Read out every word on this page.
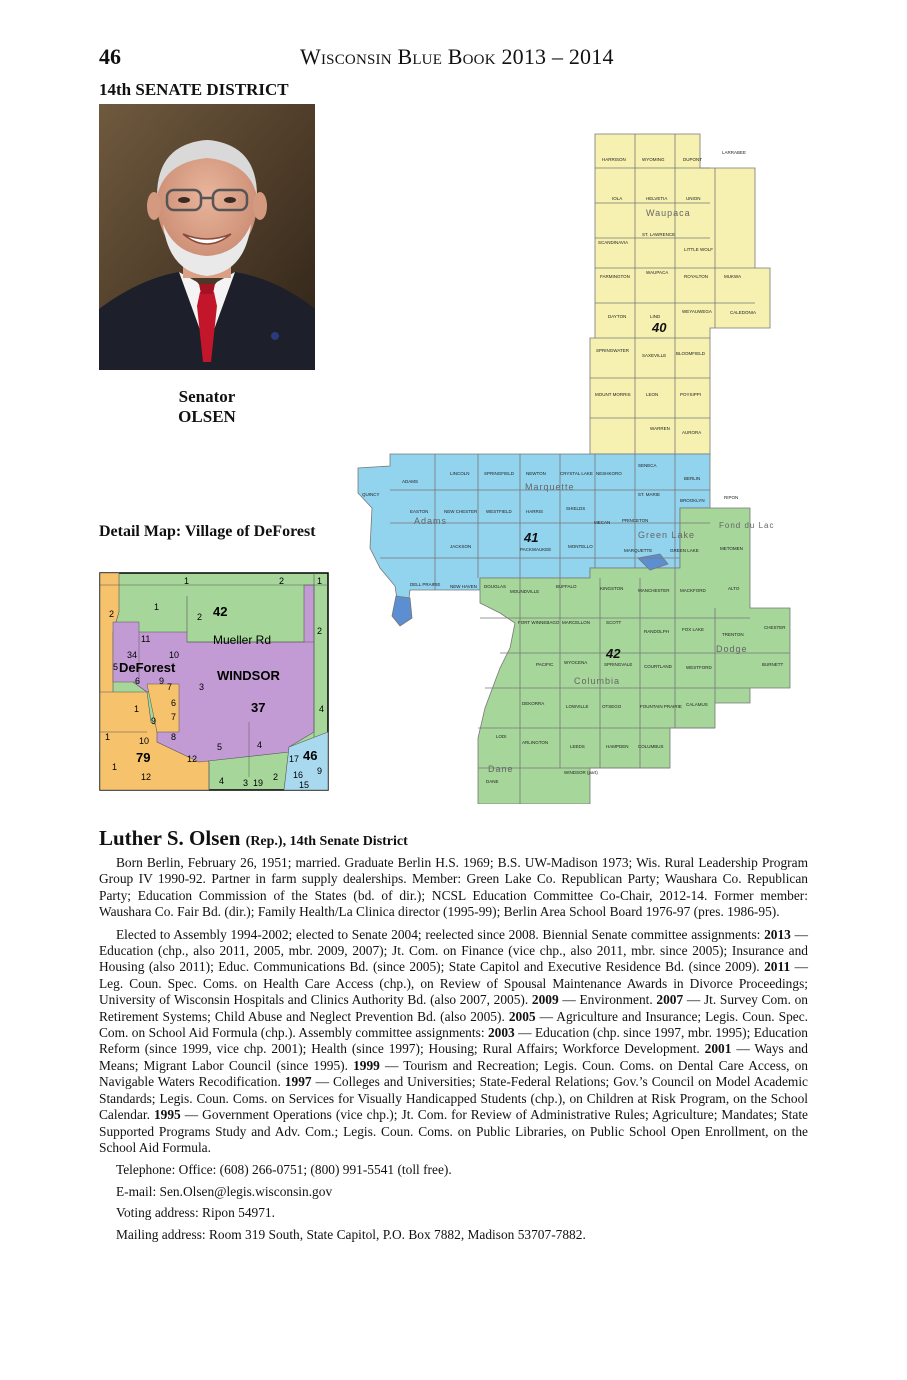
46	Wisconsin Blue Book 2013 – 2014
14th SENATE DISTRICT
Senator
OLSEN
Detail Map: Village of DeForest
42
Mueller Rd
DeForest
WINDSOR
37
79	46
1	2	1
2
1
2
2
11
34	10
5
6 9
7	3
1
6
7
9
4
1	8
10
5	4
12	17
1
12	16 9
4 3 19
2
15
Waupaca
Marquette
Adams
Green Lake
Fond du Lac
Columbia
Dodge
Dane
40
41
42
HARRISON	WYOMING	DUPONT
LARRABEE
IOLA	HELVETIA	UNION
SCANDINAVIA
ST. LAWRENCE
LITTLE WOLF
FARMINGTON
WAUPACA
ROYALTON	MUKWA
DAYTON	LIND
WEYAUWEGA	CALEDONIA
SPRINGWATER
SAXEVILLE BLOOMFIELD
MOUNT MORRIS	LEON	POYSIPPI
WARREN
AURORA
ADAMS
LINCOLN	SPRINGFIELD	NEWTON	CRYSTAL LAKE NESHKORO
SENECA
BERLIN
QUINCY
EASTON	NEW CHESTER WESTFIELD	HARRIS
SHIELDS
ST. MARIE
BROOKLYN
RIPON
PRINCETON
MECAN
JACKSON
PACKWAUKEE
MONTELLO
MARQUETTE	GREEN LAKE	METOMEN
DELL PRAIRIE NEW HAVEN DOUGLAS
MOUNDVILLE
BUFFALO	KINGSTON	MANCHESTER MACKFORD	ALTO
FORT WINNEBAGO MARCELLON	SCOTT
FOX LAKE
TRENTON
CHESTER
RANDOLPH
PACIFIC WYOCENA	SPRINGVALE	COURTLAND	WESTFORD
BURNETT
DEKORRA
LOWVILLE	OTSEGO	FOUNTAIN PRAIRIE CALAMUS
LODI
ARLINGTON
LEEDS	HAMPDEN COLUMBUS
DANE
WINDSOR (part)
Luther S. Olsen (Rep.), 14th Senate District

Born Berlin, February 26, 1951; married. Graduate Berlin H.S. 1969; B.S. UW-Madison 1973; Wis. Rural Leadership Program Group IV 1990-92. Partner in farm supply dealerships. Member: Green Lake Co. Republican Party; Waushara Co. Republican Party; Education Commission of the States (bd. of dir.); NCSL Education Committee Co-Chair, 2012-14. Former member: Waushara Co. Fair Bd. (dir.); Family Health/La Clinica director (1995-99); Berlin Area School Board 1976-97 (pres. 1986-95).

Elected to Assembly 1994-2002; elected to Senate 2004; reelected since 2008. Biennial Senate committee assignments: 2013 — Education (chp., also 2011, 2005, mbr. 2009, 2007); Jt. Com. on Finance (vice chp., also 2011, mbr. since 2005); Insurance and Housing (also 2011); Educ. Communications Bd. (since 2005); State Capitol and Executive Residence Bd. (since 2009). 2011 — Leg. Coun. Spec. Coms. on Health Care Access (chp.), on Review of Spousal Maintenance Awards in Divorce Proceedings; University of Wisconsin Hospitals and Clinics Authority Bd. (also 2007, 2005). 2009 — Environment. 2007 — Jt. Survey Com. on Retirement Systems; Child Abuse and Neglect Prevention Bd. (also 2005). 2005 — Agriculture and Insurance; Legis. Coun. Spec. Com. on School Aid Formula (chp.). Assembly committee assignments: 2003 — Education (chp. since 1997, mbr. 1995); Education Reform (since 1999, vice chp. 2001); Health (since 1997); Housing; Rural Affairs; Workforce Development. 2001 — Ways and Means; Migrant Labor Council (since 1995). 1999 — Tourism and Recreation; Legis. Coun. Coms. on Dental Care Access, on Navigable Waters Recodification. 1997 — Colleges and Universities; State-Federal Relations; Gov.’s Council on Model Academic Standards; Legis. Coun. Coms. on Services for Visually Handicapped Students (chp.), on Children at Risk Program, on the School Calendar. 1995 — Government Operations (vice chp.); Jt. Com. for Review of Administrative Rules; Agriculture; Mandates; State Supported Programs Study and Adv. Com.; Legis. Coun. Coms. on Public Libraries, on Public School Open Enrollment, on the School Aid Formula.

Telephone: Office: (608) 266-0751; (800) 991-5541 (toll free).

E-mail: Sen.Olsen@legis.wisconsin.gov

Voting address: Ripon 54971.

Mailing address: Room 319 South, State Capitol, P.O. Box 7882, Madison 53707-7882.
